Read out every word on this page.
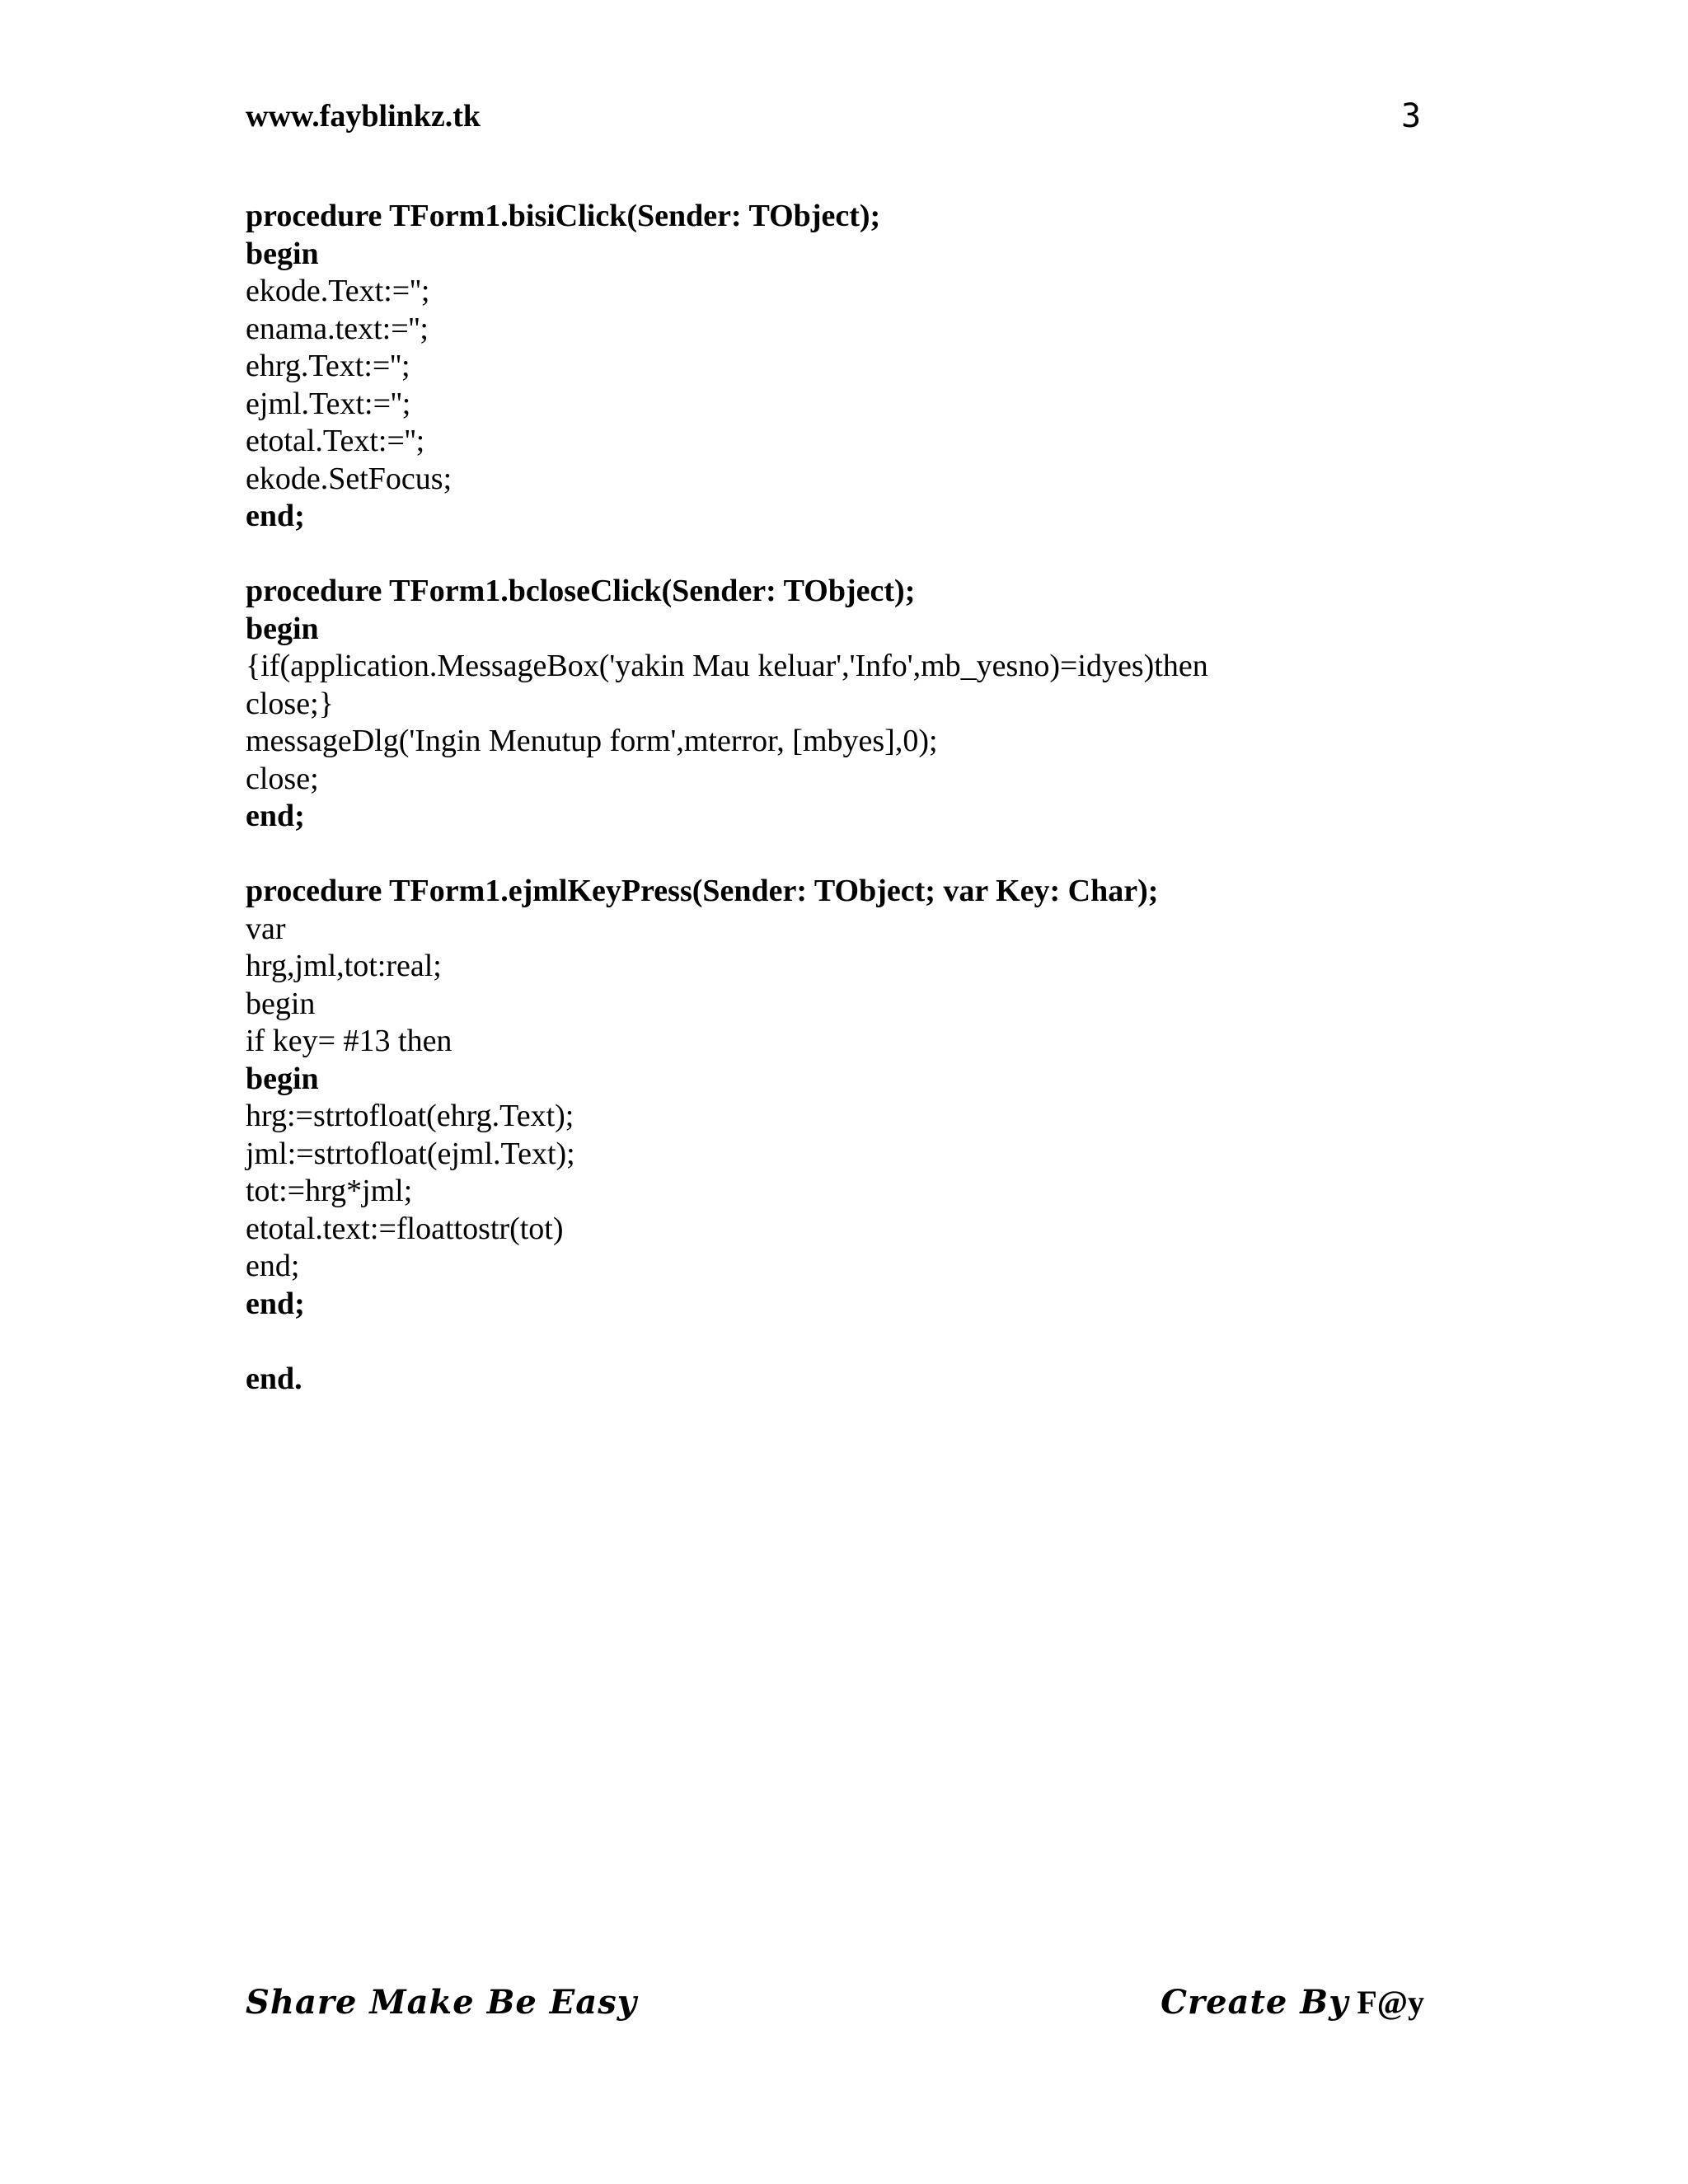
www.fayblinkz.tk	3
procedure TForm1.bisiClick(Sender: TObject);
begin
ekode.Text:='';
enama.text:='';
ehrg.Text:='';
ejml.Text:='';
etotal.Text:='';
ekode.SetFocus;
end;
procedure TForm1.bcloseClick(Sender: TObject);
begin
{if(application.MessageBox('yakin Mau keluar','Info',mb_yesno)=idyes)then
close;}
messageDlg('Ingin Menutup form',mterror, [mbyes],0);
close;
end;
procedure TForm1.ejmlKeyPress(Sender: TObject; var Key: Char);
var
hrg,jml,tot:real;
begin
if key= #13 then
begin
hrg:=strtofloat(ehrg.Text);
jml:=strtofloat(ejml.Text);
tot:=hrg*jml;
etotal.text:=floattostr(tot)
end;
end;
end.
Share Make Be Easy	Create By F@y
